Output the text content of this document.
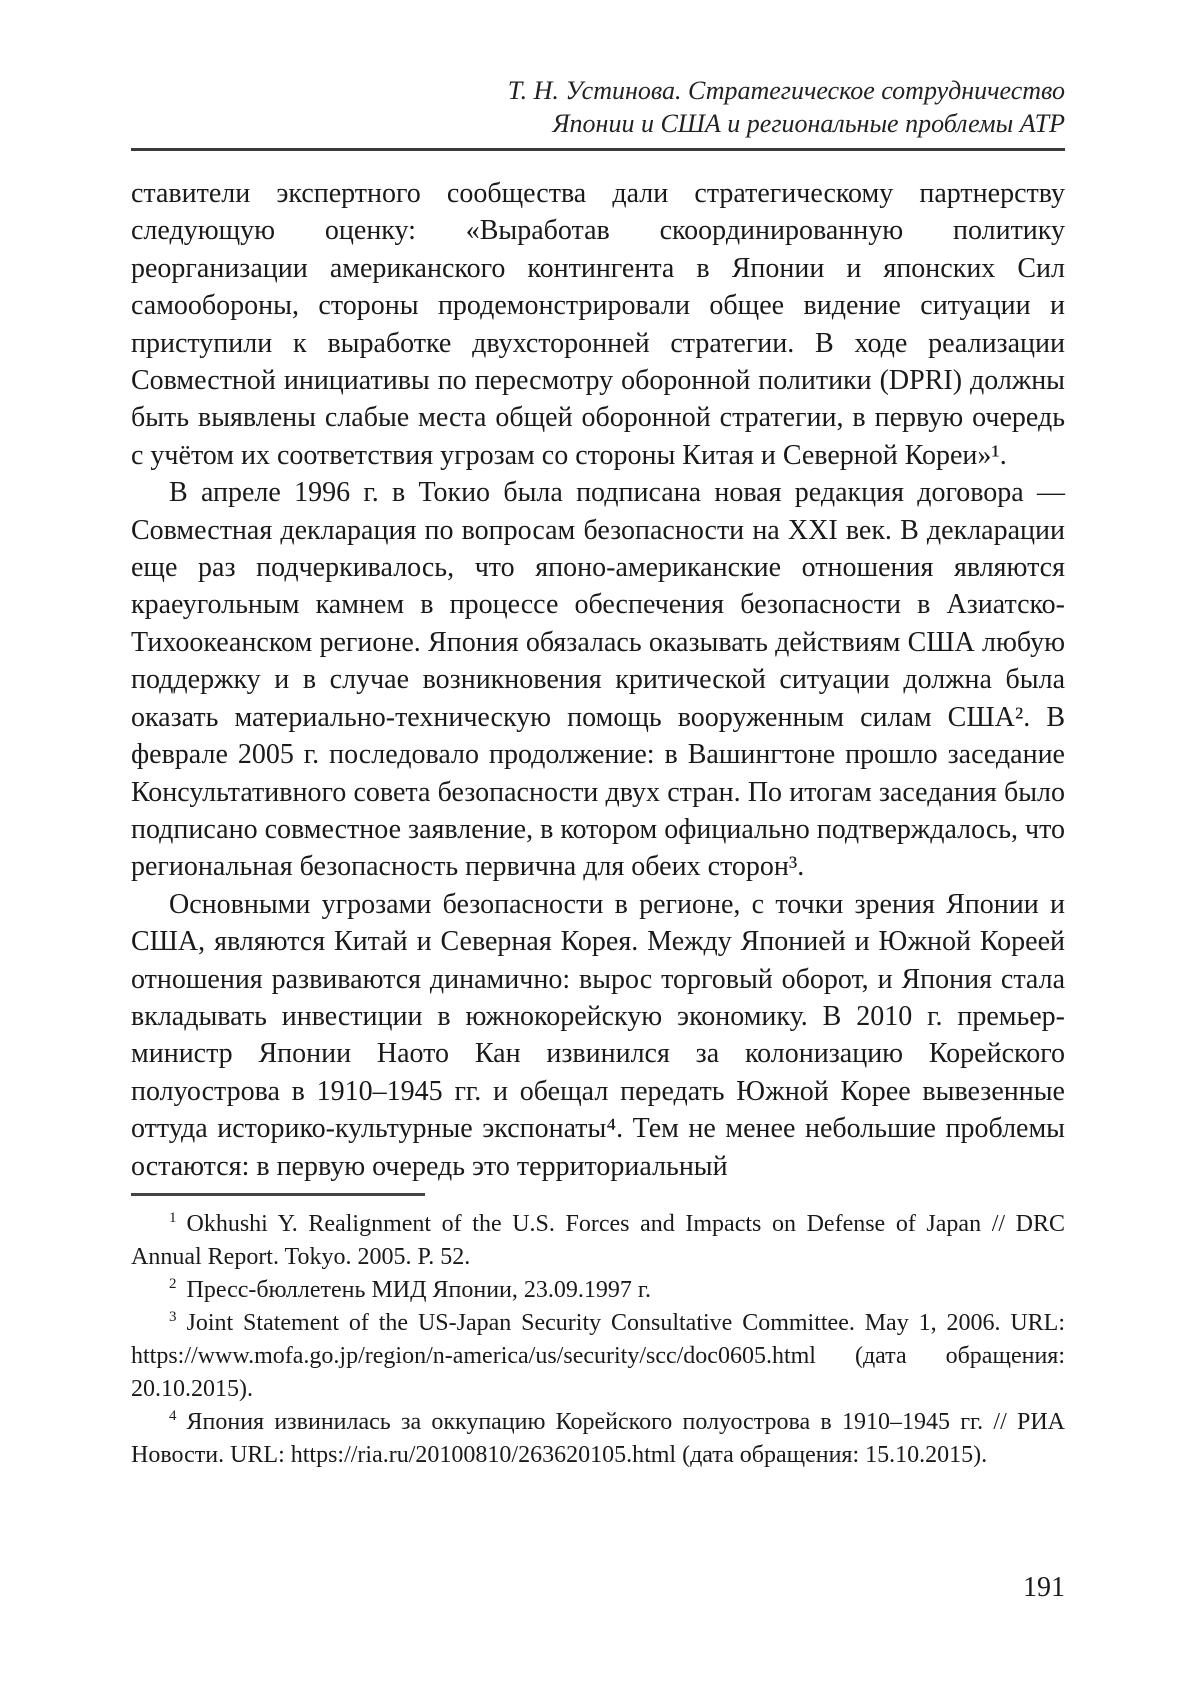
Т. Н. Устинова. Стратегическое сотрудничество
Японии и США и региональные проблемы АТР

ставители экспертного сообщества дали стратегическому партнерству следующую оценку: «Выработав скоординированную политику реорганизации американского контингента в Японии и японских Сил самообороны, стороны продемонстрировали общее видение ситуации и приступили к выработке двухсторонней стратегии. В ходе реализации Совместной инициативы по пересмотру оборонной политики (DPRI) должны быть выявлены слабые места общей оборонной стратегии, в первую очередь с учётом их соответствия угрозам со стороны Китая и Северной Кореи»¹.

В апреле 1996 г. в Токио была подписана новая редакция договора — Совместная декларация по вопросам безопасности на XXI век. В декларации еще раз подчеркивалось, что японо-американские отношения являются краеугольным камнем в процессе обеспечения безопасности в Азиатско-Тихоокеанском регионе. Япония обязалась оказывать действиям США любую поддержку и в случае возникновения критической ситуации должна была оказать материально-техническую помощь вооруженным силам США². В феврале 2005 г. последовало продолжение: в Вашингтоне прошло заседание Консультативного совета безопасности двух стран. По итогам заседания было подписано совместное заявление, в котором официально подтверждалось, что региональная безопасность первична для обеих сторон³.

Основными угрозами безопасности в регионе, с точки зрения Японии и США, являются Китай и Северная Корея. Между Японией и Южной Кореей отношения развиваются динамично: вырос торговый оборот, и Япония стала вкладывать инвестиции в южнокорейскую экономику. В 2010 г. премьер-министр Японии Наото Кан извинился за колонизацию Корейского полуострова в 1910–1945 гг. и обещал передать Южной Корее вывезенные оттуда историко-культурные экспонаты⁴. Тем не менее небольшие проблемы остаются: в первую очередь это территориальный

$^1$ Okhushi Y. Realignment of the U.S. Forces and Impacts on Defense of Japan // DRC Annual Report. Tokyo. 2005. P. 52.

$^2$ Пресс-бюллетень МИД Японии, 23.09.1997 г.

$^3$ Joint Statement of the US-Japan Security Consultative Committee. May 1, 2006. URL: https://www.mofa.go.jp/region/n-america/us/security/scc/doc0605.html (дата обращения: 20.10.2015).

$^4$ Япония извинилась за оккупацию Корейского полуострова в 1910–1945 гг. // РИА Новости. URL: https://ria.ru/20100810/263620105.html (дата обращения: 15.10.2015).

191
